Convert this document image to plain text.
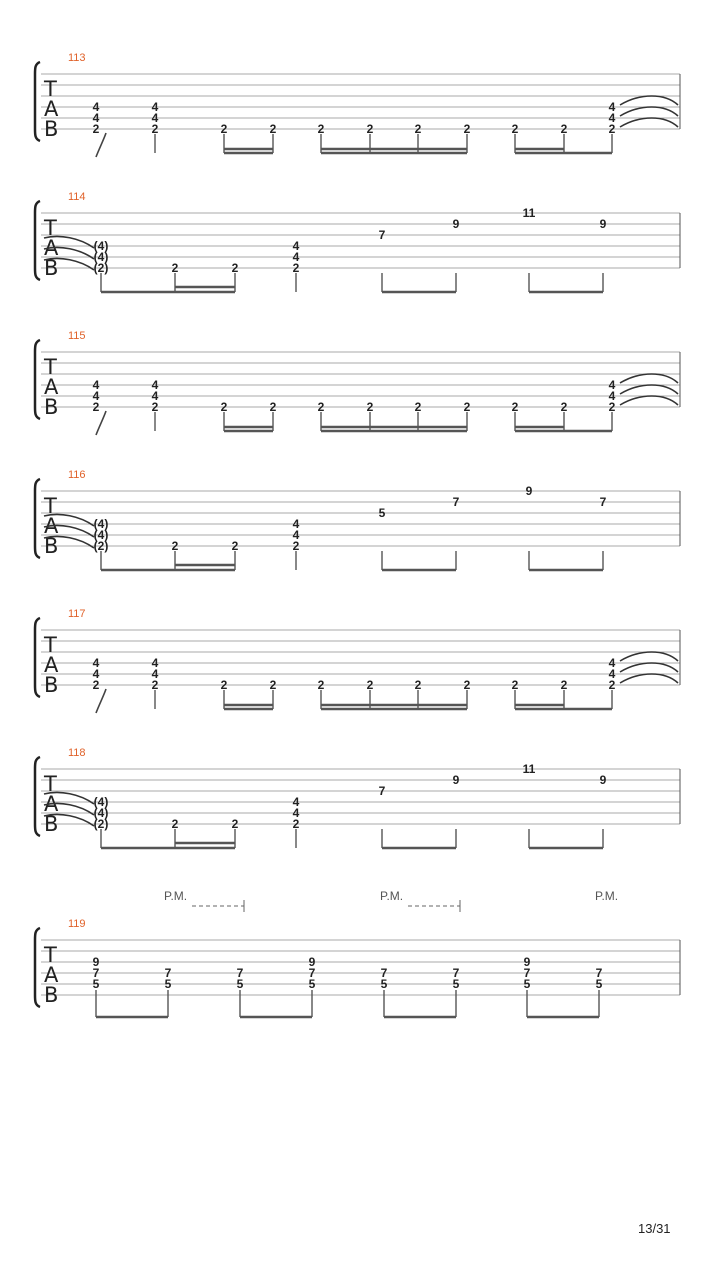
T
A
B
113
4
4
2
4
4
2	2	2	2	2	2	2	2	2
4
4
2
T
A
B
114
(4)
(4)
(2)	2	2
4
4
2
7
9
11
9
T
A
B
115
4
4
2
4
4
2	2	2	2	2	2	2	2	2
4
4
2
T
A
B
116
(4)
(4)
(2)	2	2
4
4
2
5
7
9
7
T
A
B
117
4
4
2
4
4
2	2	2	2	2	2	2	2	2
4
4
2
T
A
B
118
(4)
(4)
(2)	2	2
4
4
2
7
9
11
9
T
A
B
119
9
7
5
7
5
7
5
9
7
5
7
5
7
5
9
7
5
7
5
P.M.	P.M.	P.M.
13/31
